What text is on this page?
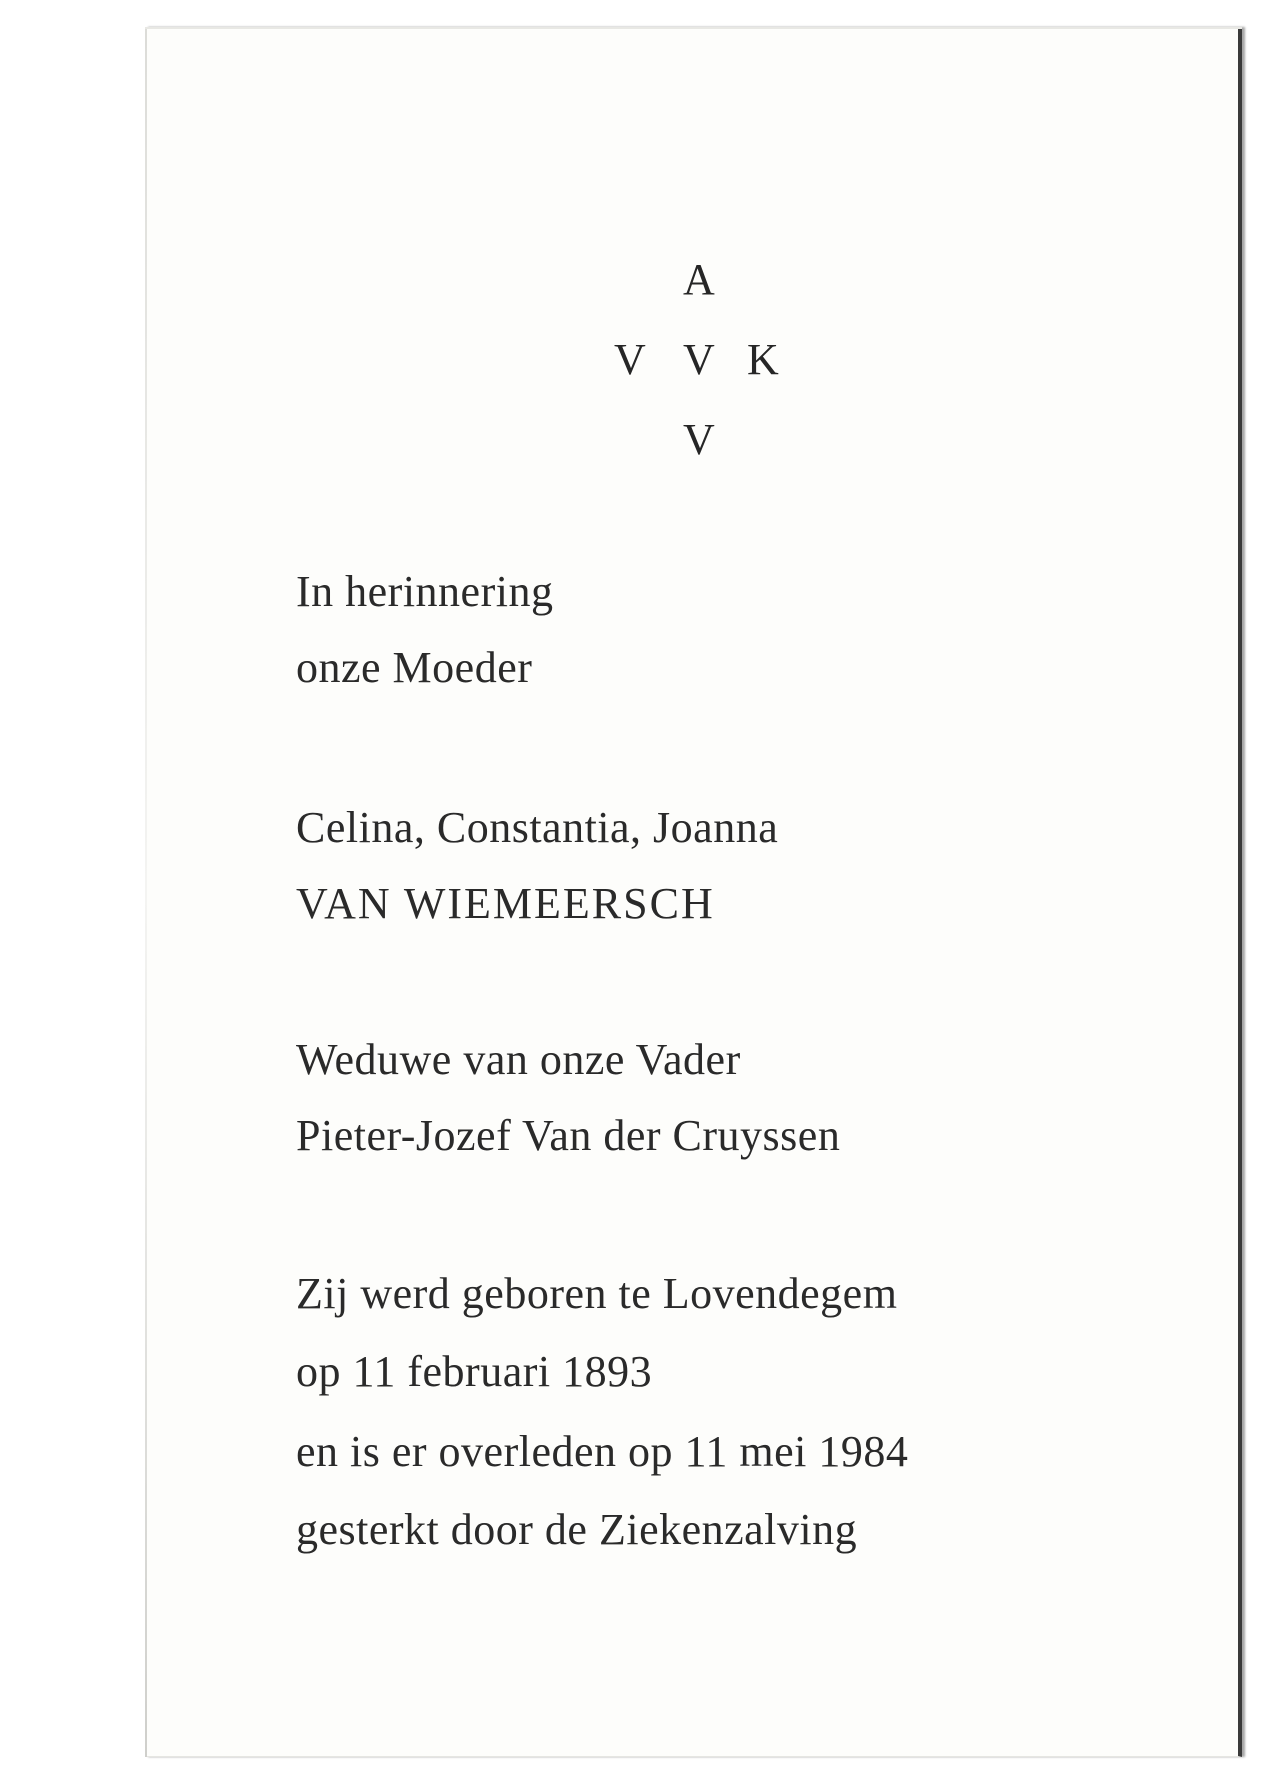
A
V V K
V
In herinnering
onze Moeder
Celina, Constantia, Joanna
VAN WIEMEERSCH
Weduwe van onze Vader
Pieter-Jozef Van der Cruyssen
Zij werd geboren te Lovendegem
op 11 februari 1893
en is er overleden op 11 mei 1984
gesterkt door de Ziekenzalving
